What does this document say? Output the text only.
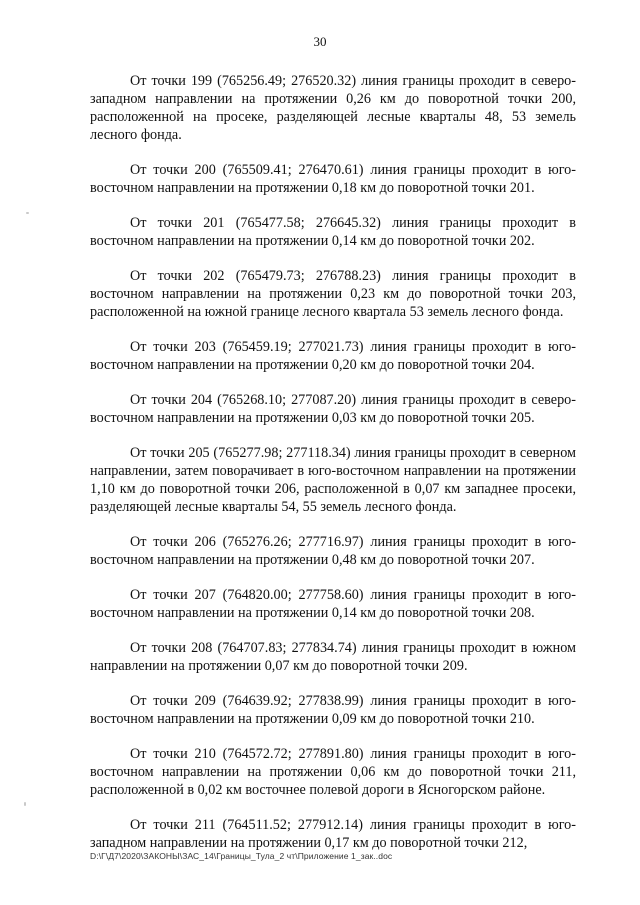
30

От точки 199 (765256.49; 276520.32) линия границы проходит в северо-западном направлении на протяжении 0,26 км до поворотной точки 200, расположенной на просеке, разделяющей лесные кварталы 48, 53 земель лесного фонда.

От точки 200 (765509.41; 276470.61) линия границы проходит в юго-восточном направлении на протяжении 0,18 км до поворотной точки 201.

От точки 201 (765477.58; 276645.32) линия границы проходит в восточном направлении на протяжении 0,14 км до поворотной точки 202.

От точки 202 (765479.73; 276788.23) линия границы проходит в восточном направлении на протяжении 0,23 км до поворотной точки 203, расположенной на южной границе лесного квартала 53 земель лесного фонда.

От точки 203 (765459.19; 277021.73) линия границы проходит в юго-восточном направлении на протяжении 0,20 км до поворотной точки 204.

От точки 204 (765268.10; 277087.20) линия границы проходит в северо-восточном направлении на протяжении 0,03 км до поворотной точки 205.

От точки 205 (765277.98; 277118.34) линия границы проходит в северном направлении, затем поворачивает в юго-восточном направлении на протяжении 1,10 км до поворотной точки 206, расположенной в 0,07 км западнее просеки, разделяющей лесные кварталы 54, 55 земель лесного фонда.

От точки 206 (765276.26; 277716.97) линия границы проходит в юго-восточном направлении на протяжении 0,48 км до поворотной точки 207.

От точки 207 (764820.00; 277758.60) линия границы проходит в юго-восточном направлении на протяжении 0,14 км до поворотной точки 208.

От точки 208 (764707.83; 277834.74) линия границы проходит в южном направлении на протяжении 0,07 км до поворотной точки 209.

От точки 209 (764639.92; 277838.99) линия границы проходит в юго-восточном направлении на протяжении 0,09 км до поворотной точки 210.

От точки 210 (764572.72; 277891.80) линия границы проходит в юго-восточном направлении на протяжении 0,06 км до поворотной точки 211, расположенной в 0,02 км восточнее полевой дороги в Ясногорском районе.

От точки 211 (764511.52; 277912.14) линия границы проходит в юго-западном направлении на протяжении 0,17 км до поворотной точки 212,

D:\Г\Д7\2020\ЗАКОНЫ\ЗАС_14\Границы_Тула_2 чт\Приложение 1_зак..doc
